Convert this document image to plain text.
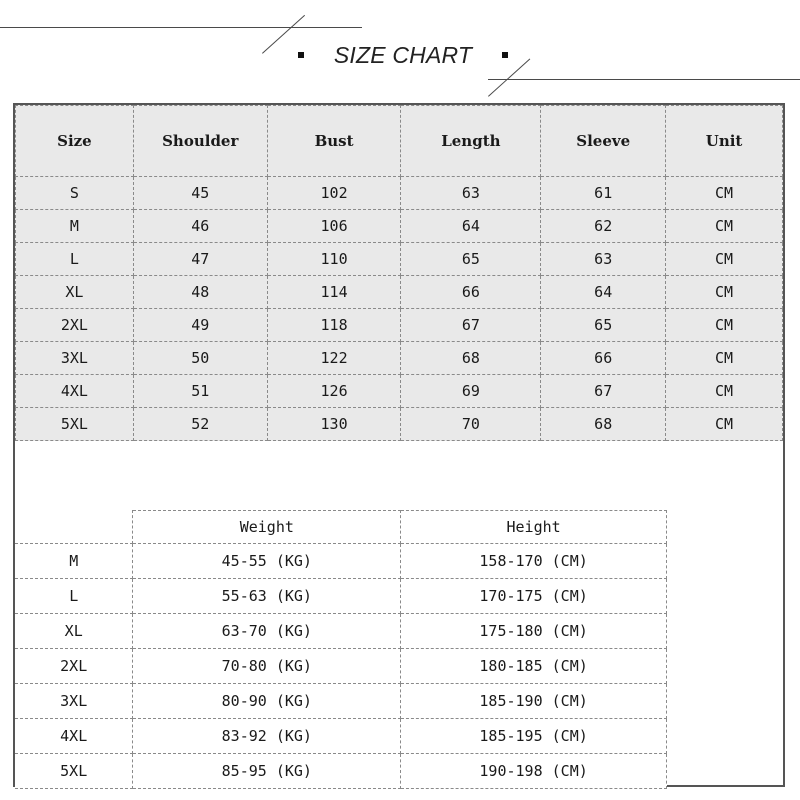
SIZE CHART
Size	Shoulder	Bust	Length	Sleeve	Unit
S	45	102	63	61	CM
M	46	106	64	62	CM
L	47	110	65	63	CM
XL	48	114	66	64	CM
2XL	49	118	67	65	CM
3XL	50	122	68	66	CM
4XL	51	126	69	67	CM
5XL	52	130	70	68	CM
	Weight	Height
M	45-55 (KG)	158-170 (CM)
L	55-63 (KG)	170-175 (CM)
XL	63-70 (KG)	175-180 (CM)
2XL	70-80 (KG)	180-185 (CM)
3XL	80-90 (KG)	185-190 (CM)
4XL	83-92 (KG)	185-195 (CM)
5XL	85-95 (KG)	190-198 (CM)
